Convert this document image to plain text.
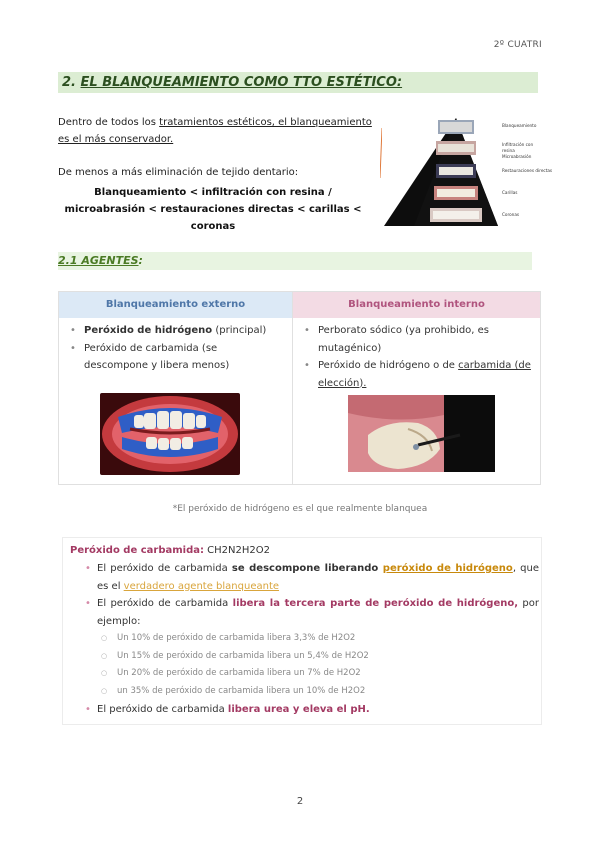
2º CUATRI
2. EL BLANQUEAMIENTO COMO TTO ESTÉTICO:
Dentro de todos los tratamientos estéticos, el blanqueamiento es el más conservador.
De menos a más eliminación de tejido dentario:
Blanqueamiento < infiltración con resina / microabrasión < restauraciones directas < carillas < coronas
Blanqueamiento
Infiltración con resina Microabrasión
Restauraciones directas
Carillas
Coronas
2.1 AGENTES:
Blanqueamiento externo	Blanqueamiento interno
• Peróxido de hidrógeno (principal)
• Peróxido de carbamida (se descompone y libera menos)
• Perborato sódico (ya prohibido, es mutagénico)
• Peróxido de hidrógeno o de carbamida (de elección).
*El peróxido de hidrógeno es el que realmente blanquea
Peróxido de carbamida: CH2N2H2O2
• El peróxido de carbamida se descompone liberando peróxido de hidrógeno, que es el verdadero agente blanqueante
• El peróxido de carbamida libera la tercera parte de peróxido de hidrógeno, por ejemplo:
○ Un 10% de peróxido de carbamida libera 3,3% de H2O2
○ Un 15% de peróxido de carbamida libera un 5,4% de H2O2
○ Un 20% de peróxido de carbamida libera un 7% de H2O2
○ un 35% de peróxido de carbamida libera un 10% de H2O2
• El peróxido de carbamida libera urea y eleva el pH.
2
